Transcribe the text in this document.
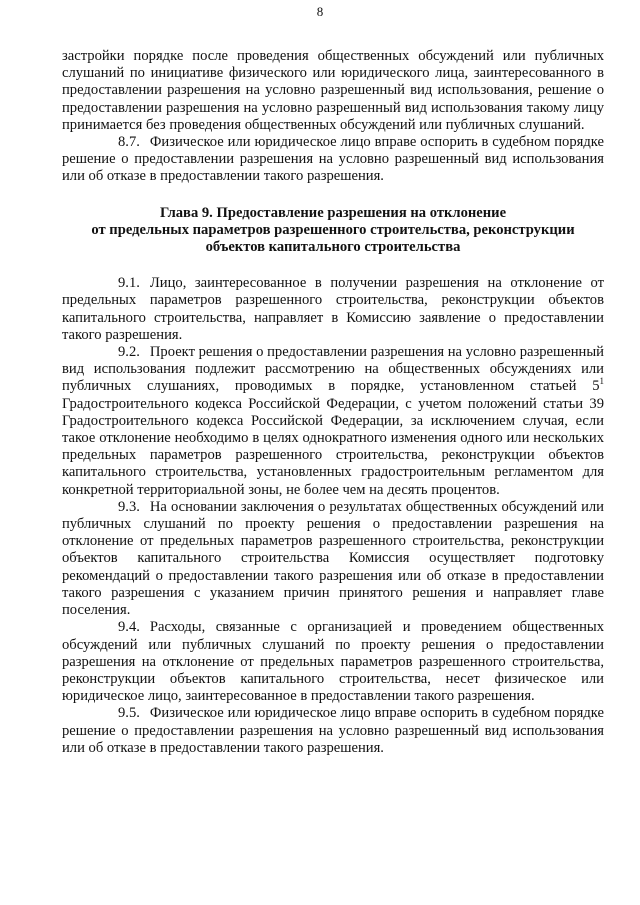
8

застройки порядке после проведения общественных обсуждений или публичных слушаний по инициативе физического или юридического лица, заинтересованного в предоставлении разрешения на условно разрешенный вид использования, решение о предоставлении разрешения на условно разрешенный вид использования такому лицу принимается без проведения общественных обсуждений или публичных слушаний.

8.7. Физическое или юридическое лицо вправе оспорить в судебном порядке решение о предоставлении разрешения на условно разрешенный вид использования или об отказе в предоставлении такого разрешения.

Глава 9. Предоставление разрешения на отклонение
от предельных параметров разрешенного строительства, реконструкции
объектов капитального строительства

9.1. Лицо, заинтересованное в получении разрешения на отклонение от предельных параметров разрешенного строительства, реконструкции объектов капитального строительства, направляет в Комиссию заявление о предоставлении такого разрешения.

9.2. Проект решения о предоставлении разрешения на условно разрешенный вид использования подлежит рассмотрению на общественных обсуждениях или публичных слушаниях, проводимых в порядке, установленном статьей $5^1$ Градостроительного кодекса Российской Федерации, с учетом положений статьи 39 Градостроительного кодекса Российской Федерации, за исключением случая, если такое отклонение необходимо в целях однократного изменения одного или нескольких предельных параметров разрешенного строительства, реконструкции объектов капитального строительства, установленных градостроительным регламентом для конкретной территориальной зоны, не более чем на десять процентов.

9.3. На основании заключения о результатах общественных обсуждений или публичных слушаний по проекту решения о предоставлении разрешения на отклонение от предельных параметров разрешенного строительства, реконструкции объектов капитального строительства Комиссия осуществляет подготовку рекомендаций о предоставлении такого разрешения или об отказе в предоставлении такого разрешения с указанием причин принятого решения и направляет главе поселения.

9.4. Расходы, связанные с организацией и проведением общественных обсуждений или публичных слушаний по проекту решения о предоставлении разрешения на отклонение от предельных параметров разрешенного строительства, реконструкции объектов капитального строительства, несет физическое или юридическое лицо, заинтересованное в предоставлении такого разрешения.

9.5. Физическое или юридическое лицо вправе оспорить в судебном порядке решение о предоставлении разрешения на условно разрешенный вид использования или об отказе в предоставлении такого разрешения.
